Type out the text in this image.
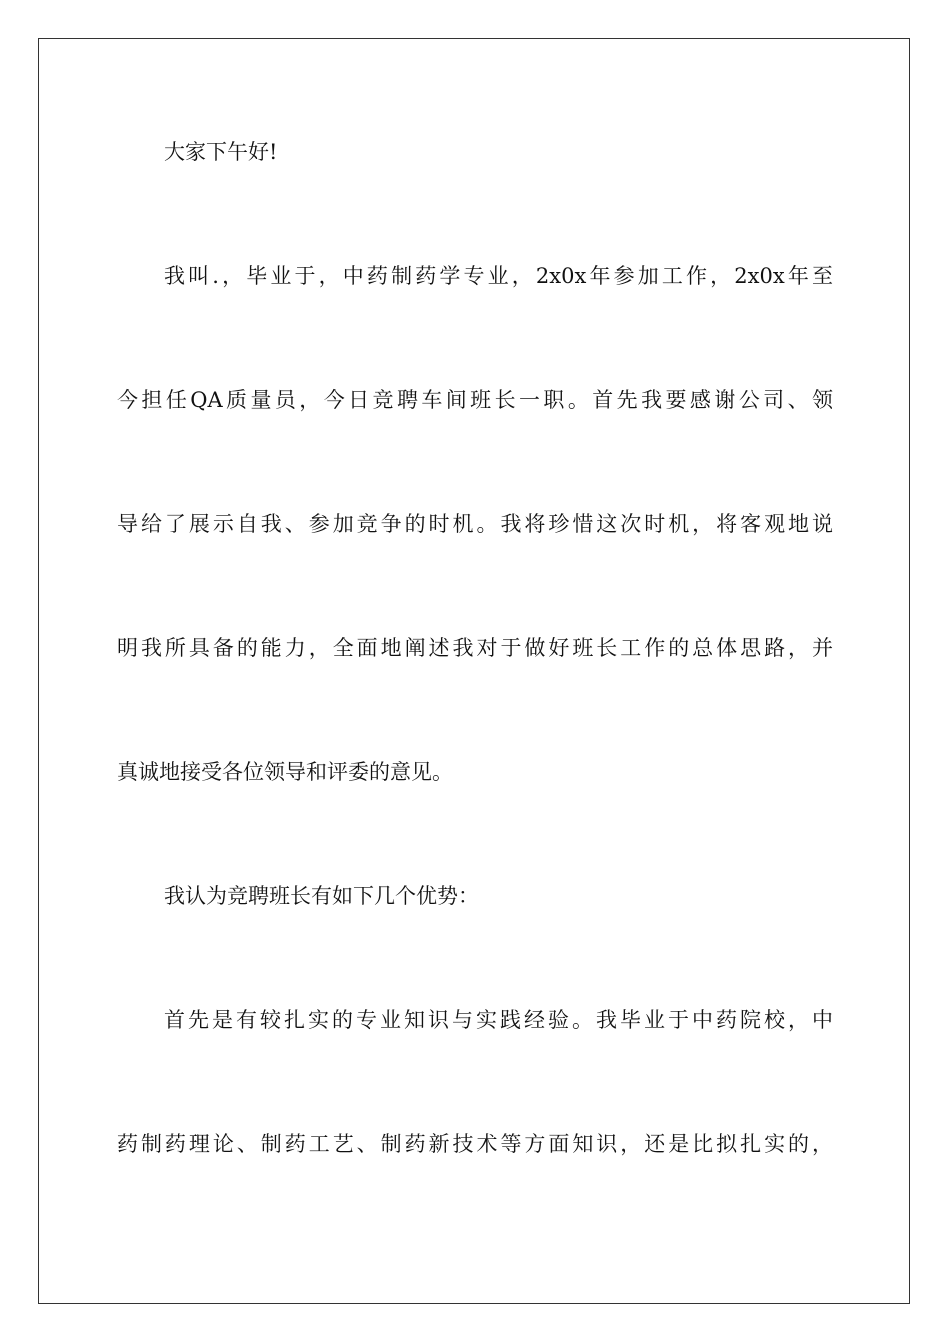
大家下午好!
我叫.，毕业于，中药制药学专业，2x0x年参加工作，2x0x年至
今担任QA质量员，今日竞聘车间班长一职。首先我要感谢公司、领
导给了展示自我、参加竞争的时机。我将珍惜这次时机，将客观地说
明我所具备的能力，全面地阐述我对于做好班长工作的总体思路，并
真诚地接受各位领导和评委的意见。
我认为竞聘班长有如下几个优势：
首先是有较扎实的专业知识与实践经验。我毕业于中药院校，中
药制药理论、制药工艺、制药新技术等方面知识，还是比拟扎实的，
